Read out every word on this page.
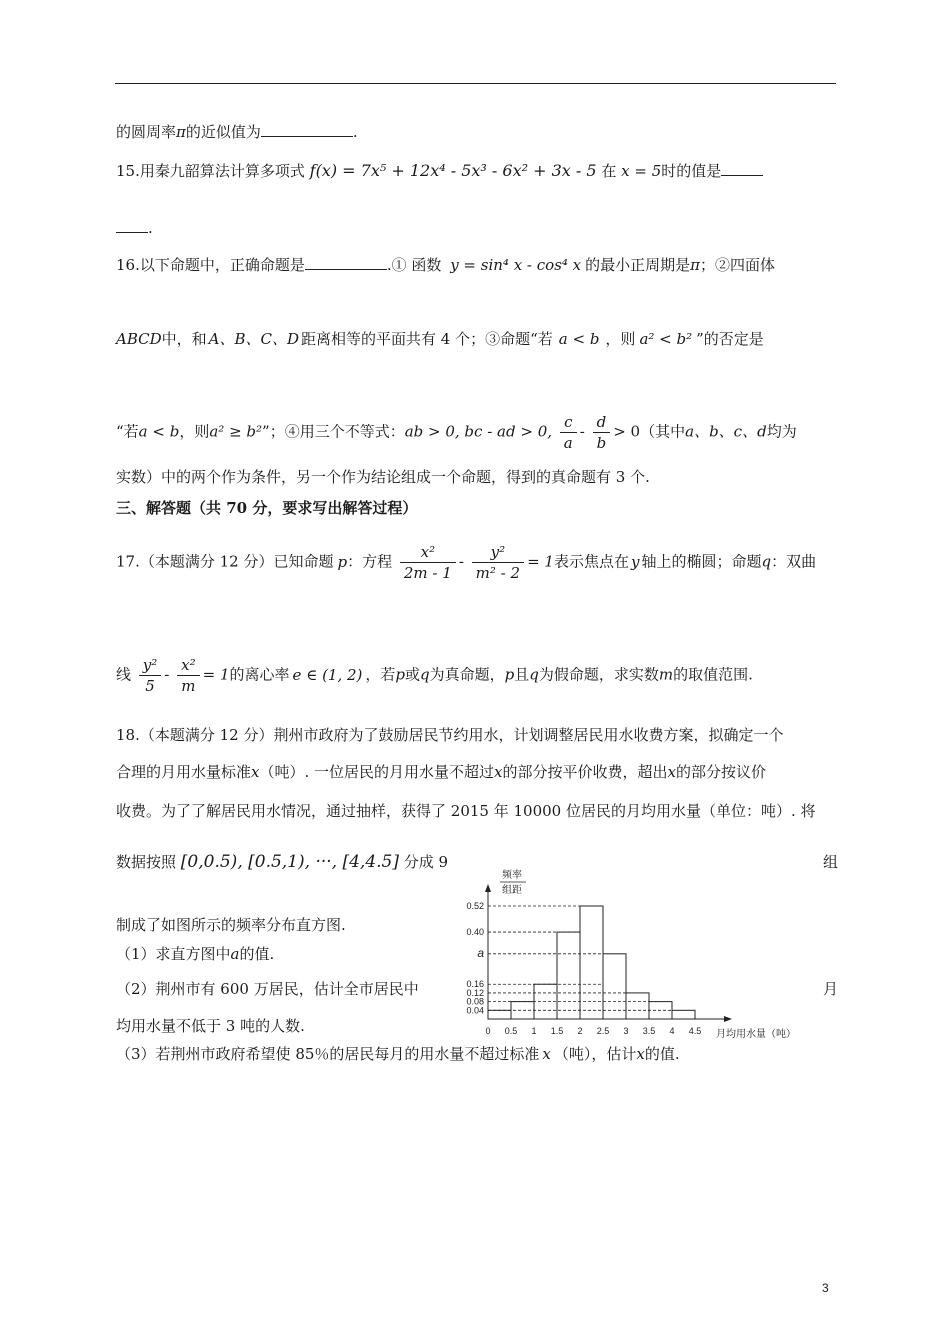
的圆周率π的近似值为	.
15.用秦九韶算法计算多项式 f(x) = 7x⁵ + 12x⁴ - 5x³ - 6x² + 3x - 5 在 x = 5时的值是
.
16.以下命题中，正确命题是	.① 函数 y = sin⁴ x - cos⁴ x 的最小正周期是π；②四面体
ABCD中，和 A、B、C、D 距离相等的平面共有 4 个；③命题“若 a < b ，则 a² < b² ”的否定是
“若a < b，则a² ≥ b²”；④用三个不等式：ab > 0, bc - ad > 0, $\frac{c}{a} - \frac{d}{b} > 0$（其中a、b、c、d均为
实数）中的两个作为条件，另一个作为结论组成一个命题，得到的真命题有 3 个.
三、解答题（共 70 分，要求写出解答过程）
17.（本题满分 12 分）已知命题 p：方程 $\frac{\text{x²}}{2m - 1} - \frac{\text{y²}}{\text{m² - 2}} = 1$表示焦点在 y 轴上的椭圆；命题q：双曲
线 $\frac{\text{y²}}{5} - \frac{\text{x²}}{m} = 1$的离心率 e ∈ (1, 2) ，若p或q为真命题，p且q为假命题，求实数m的取值范围.
18.（本题满分 12 分）荆州市政府为了鼓励居民节约用水，计划调整居民用水收费方案，拟确定一个
合理的月用水量标准x（吨）. 一位居民的月用水量不超过x的部分按平价收费，超出x的部分按议价
收费。为了了解居民用水情况，通过抽样，获得了 2015 年 10000 位居民的月均用水量（单位：吨）. 将
数据按照 [0,0.5), [0.5,1), ···, [4,4.5] 分成 9	组
制成了如图所示的频率分布直方图.
（1）求直方图中a的值.
（2）荆州市有 600 万居民，估计全市居民中	月
均用水量不低于 3 吨的人数.
（3）若荆州市政府希望使 85％的居民每月的用水量不超过标准 x （吨），估计x的值.
0.04
0.08
0.12
0.16
a
0.40
0.52
0 0.5 1 1.5 2 2.5 3 3.5 4 4.5
频率
组距
月均用水量（吨）
3
